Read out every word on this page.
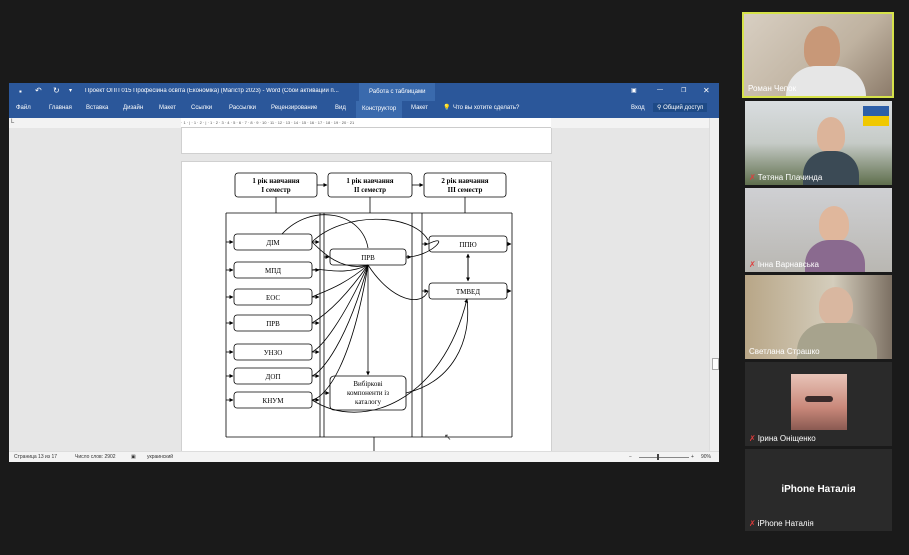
▪ ↶ ↻ ▾ Проект ОПП 015 Професійна освіта (Економіка) (Магістр 2023) - Word (Сбой активации п...	Работа с таблицами	▣	—	❐ ✕
Файл	Главная Вставка Дизайн	Макет	Ссылки	Рассылки	Рецензирование	Вид	Конструктор	Макет	💡 Что вы хотите сделать?	Вход	⚲ Общий доступ
L	· 1 · | · 1 · 2 · | · 1 · 2 · 3 · 4 · 5 · 6 · 7 · 8 · 9 · 10 · 11 · 12 · 13 · 14 · 15 · 16 · 17 · 18 · 19 · 20 · 21
1 рік навчання
І семестр
1 рік навчання
ІІ семестр
2 рік навчання
ІІІ семестр
ДІМ
МПД
ЕОС
ПРВ
УНЗО
ДОП
КНУМ
ПРВ
ППЮ
ТМВЕД
Вибіркові
компоненти із
каталогу
↖
Страница 13 из 17	Число слов: 2902	▣ украинский	−	+ 90%
Роман Чепок
✗ Тетяна Плачинда
✗ Інна Варнавська
Светлана Страшко
✗ Ірина Оніщенко
iPhone Наталія
✗ iPhone Наталія
